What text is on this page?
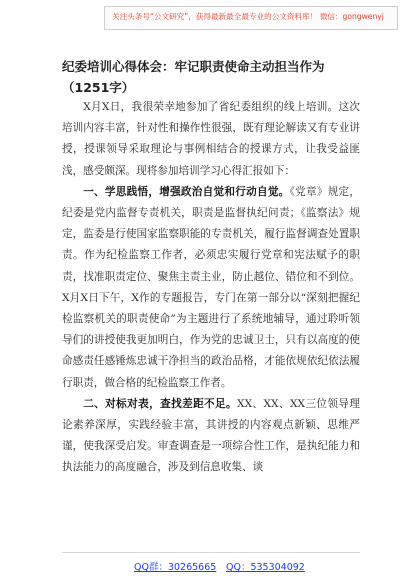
关注头条号“公文研究”，获得最新最全最专业的公文资料库！ 微信：gongwenyj
纪委培训心得体会：牢记职责使命主动担当作为（1251字）

X月X日，我很荣幸地参加了省纪委组织的线上培训。这次培训内容丰富，针对性和操作性很强，既有理论解读又有专业讲授，授课领导采取理论与事例相结合的授课方式，让我受益匪浅，感受颇深。现将参加培训学习心得汇报如下：

一、学思践悟，增强政治自觉和行动自觉。《党章》规定，纪委是党内监督专责机关，职责是监督执纪问责；《监察法》规定，监委是行使国家监察职能的专责机关，履行监督调查处置职责。作为纪检监察工作者，必须忠实履行党章和宪法赋予的职责，找准职责定位、聚焦主责主业，防止越位、错位和不到位。X月X日下午，X作的专题报告，专门在第一部分以“深刻把握纪检监察机关的职责使命”为主题进行了系统地辅导，通过聆听领导们的讲授使我更加明白，作为党的忠诚卫士，只有以高度的使命感责任感锤炼忠诚干净担当的政治品格，才能依规依纪依法履行职责，做合格的纪检监察工作者。

二、对标对表，查找差距不足。XX、XX、XX三位领导理论素养深厚，实践经验丰富，其讲授的内容观点新颖、思维严谨，使我深受启发。审查调查是一项综合性工作，是执纪能力和执法能力的高度融合，涉及到信息收集、谈

QQ群：30265665 QQ：535304092
